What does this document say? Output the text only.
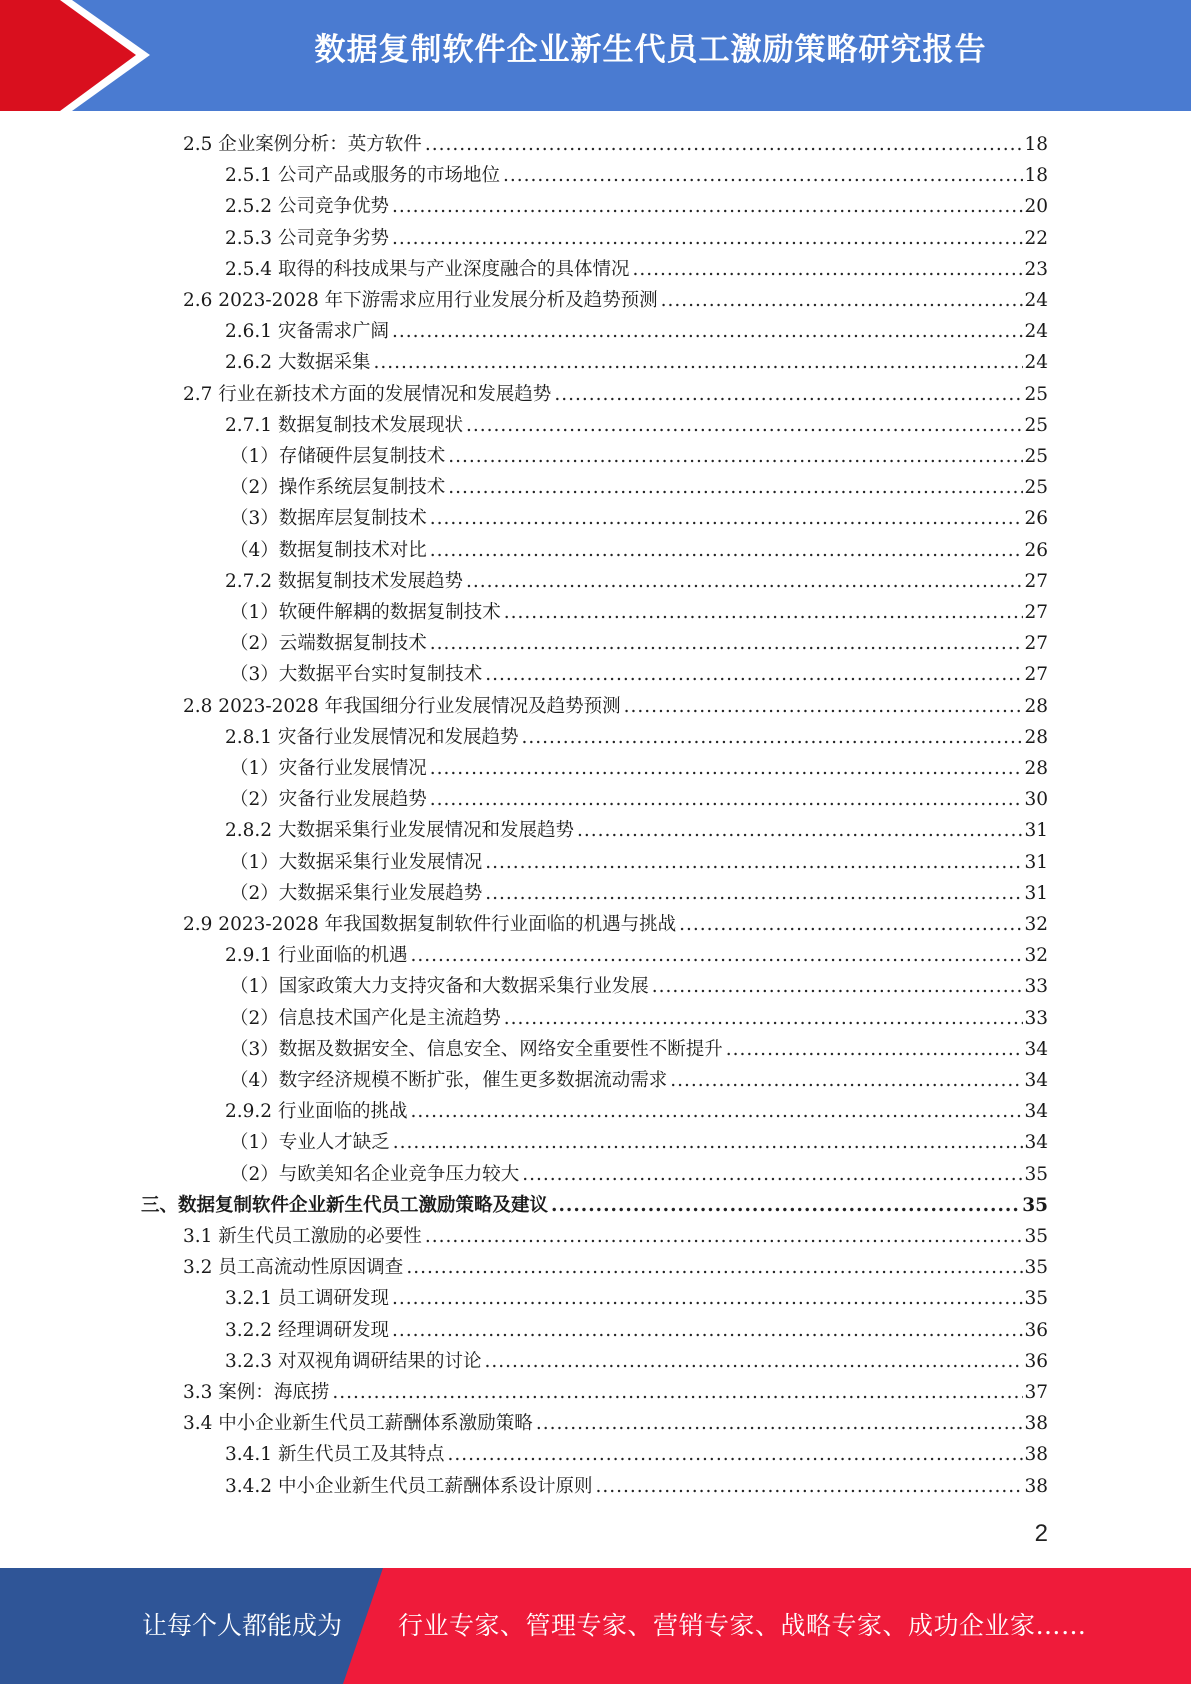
数据复制软件企业新生代员工激励策略研究报告
2.5 企业案例分析：英方软件 .....	18
2.5.1 公司产品或服务的市场地位 .....	18
2.5.2 公司竞争优势 .....	20
2.5.3 公司竞争劣势 .....	22
2.5.4 取得的科技成果与产业深度融合的具体情况 .....	23
2.6 2023-2028 年下游需求应用行业发展分析及趋势预测 .....	24
2.6.1 灾备需求广阔 .....	24
2.6.2 大数据采集 .....	24
2.7 行业在新技术方面的发展情况和发展趋势 .....	25
2.7.1 数据复制技术发展现状 .....	25
（1）存储硬件层复制技术 .....	25
（2）操作系统层复制技术 .....	25
（3）数据库层复制技术 .....	26
（4）数据复制技术对比 .....	26
2.7.2 数据复制技术发展趋势 .....	27
（1）软硬件解耦的数据复制技术 .....	27
（2）云端数据复制技术 .....	27
（3）大数据平台实时复制技术 .....	27
2.8 2023-2028 年我国细分行业发展情况及趋势预测 .....	28
2.8.1 灾备行业发展情况和发展趋势 .....	28
（1）灾备行业发展情况 .....	28
（2）灾备行业发展趋势 .....	30
2.8.2 大数据采集行业发展情况和发展趋势 .....	31
（1）大数据采集行业发展情况 .....	31
（2）大数据采集行业发展趋势 .....	31
2.9 2023-2028 年我国数据复制软件行业面临的机遇与挑战 .....	32
2.9.1 行业面临的机遇 .....	32
（1）国家政策大力支持灾备和大数据采集行业发展 .....	33
（2）信息技术国产化是主流趋势 .....	33
（3）数据及数据安全、信息安全、网络安全重要性不断提升 .....	34
（4）数字经济规模不断扩张，催生更多数据流动需求 .....	34
2.9.2 行业面临的挑战 .....	34
（1）专业人才缺乏 .....	34
（2）与欧美知名企业竞争压力较大 .....	35
三、数据复制软件企业新生代员工激励策略及建议 .....	35
3.1 新生代员工激励的必要性 .....	35
3.2 员工高流动性原因调查 .....	35
3.2.1 员工调研发现 .....	35
3.2.2 经理调研发现 .....	36
3.2.3 对双视角调研结果的讨论 .....	36
3.3 案例：海底捞 .....	37
3.4 中小企业新生代员工薪酬体系激励策略 .....	38
3.4.1 新生代员工及其特点 .....	38
3.4.2 中小企业新生代员工薪酬体系设计原则 .....	38
2
让每个人都能成为 行业专家、管理专家、营销专家、战略专家、成功企业家……
